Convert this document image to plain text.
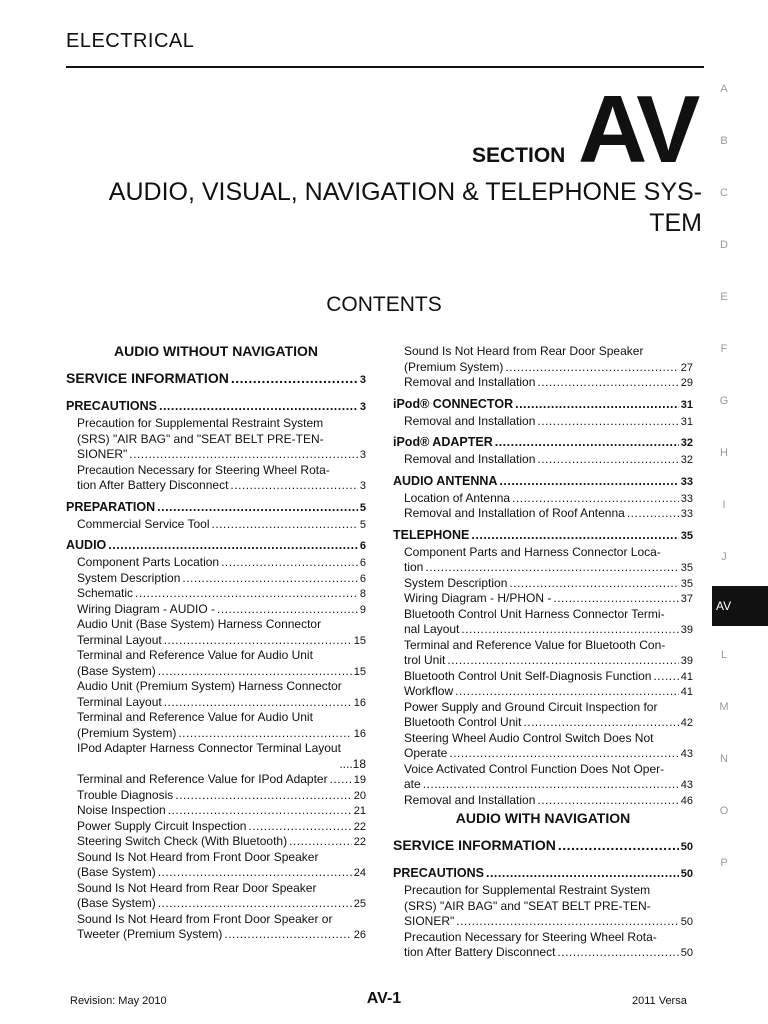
ELECTRICAL
A
B
C
D
E
F
G
H
I
J
L
M
N
O
P
AV
SECTION AV
AUDIO, VISUAL, NAVIGATION & TELEPHONE SYS-
TEM
CONTENTS
AUDIO WITHOUT NAVIGATION
SERVICE INFORMATION .....	3
PRECAUTIONS .....	3
Precaution for Supplemental Restraint System
(SRS) "AIR BAG" and "SEAT BELT PRE-TEN-
SIONER" .....	3
Precaution Necessary for Steering Wheel Rota-
tion After Battery Disconnect .....	3
PREPARATION .....	5
Commercial Service Tool .....	5
AUDIO .....	6
Component Parts Location .....	6
System Description .....	6
Schematic .....	8
Wiring Diagram - AUDIO - .....	9
Audio Unit (Base System) Harness Connector
Terminal Layout .....	15
Terminal and Reference Value for Audio Unit
(Base System) .....	15
Audio Unit (Premium System) Harness Connector
Terminal Layout .....	16
Terminal and Reference Value for Audio Unit
(Premium System) .....	16
IPod Adapter Harness Connector Terminal Layout
....18
Terminal and Reference Value for IPod Adapter ..... 19
Trouble Diagnosis .....	20
Noise Inspection .....	21
Power Supply Circuit Inspection .....	22
Steering Switch Check (With Bluetooth) .....	22
Sound Is Not Heard from Front Door Speaker
(Base System) .....	24
Sound Is Not Heard from Rear Door Speaker
(Base System) .....	25
Sound Is Not Heard from Front Door Speaker or
Tweeter (Premium System) .....	26
Sound Is Not Heard from Rear Door Speaker
(Premium System) .....	27
Removal and Installation .....	29
iPod® CONNECTOR .....	31
Removal and Installation .....	31
iPod® ADAPTER .....	32
Removal and Installation .....	32
AUDIO ANTENNA .....	33
Location of Antenna .....	33
Removal and Installation of Roof Antenna .....	33
TELEPHONE .....	35
Component Parts and Harness Connector Loca-
tion .....	35
System Description .....	35
Wiring Diagram - H/PHON - .....	37
Bluetooth Control Unit Harness Connector Termi-
nal Layout .....	39
Terminal and Reference Value for Bluetooth Con-
trol Unit .....	39
Bluetooth Control Unit Self-Diagnosis Function .....	41
Workflow .....	41
Power Supply and Ground Circuit Inspection for
Bluetooth Control Unit .....	42
Steering Wheel Audio Control Switch Does Not
Operate .....	43
Voice Activated Control Function Does Not Oper-
ate .....	43
Removal and Installation .....	46
AUDIO WITH NAVIGATION
SERVICE INFORMATION .....	50
PRECAUTIONS .....	50
Precaution for Supplemental Restraint System
(SRS) "AIR BAG" and "SEAT BELT PRE-TEN-
SIONER" .....	50
Precaution Necessary for Steering Wheel Rota-
tion After Battery Disconnect .....	50
Revision: May 2010	AV-1	2011 Versa
